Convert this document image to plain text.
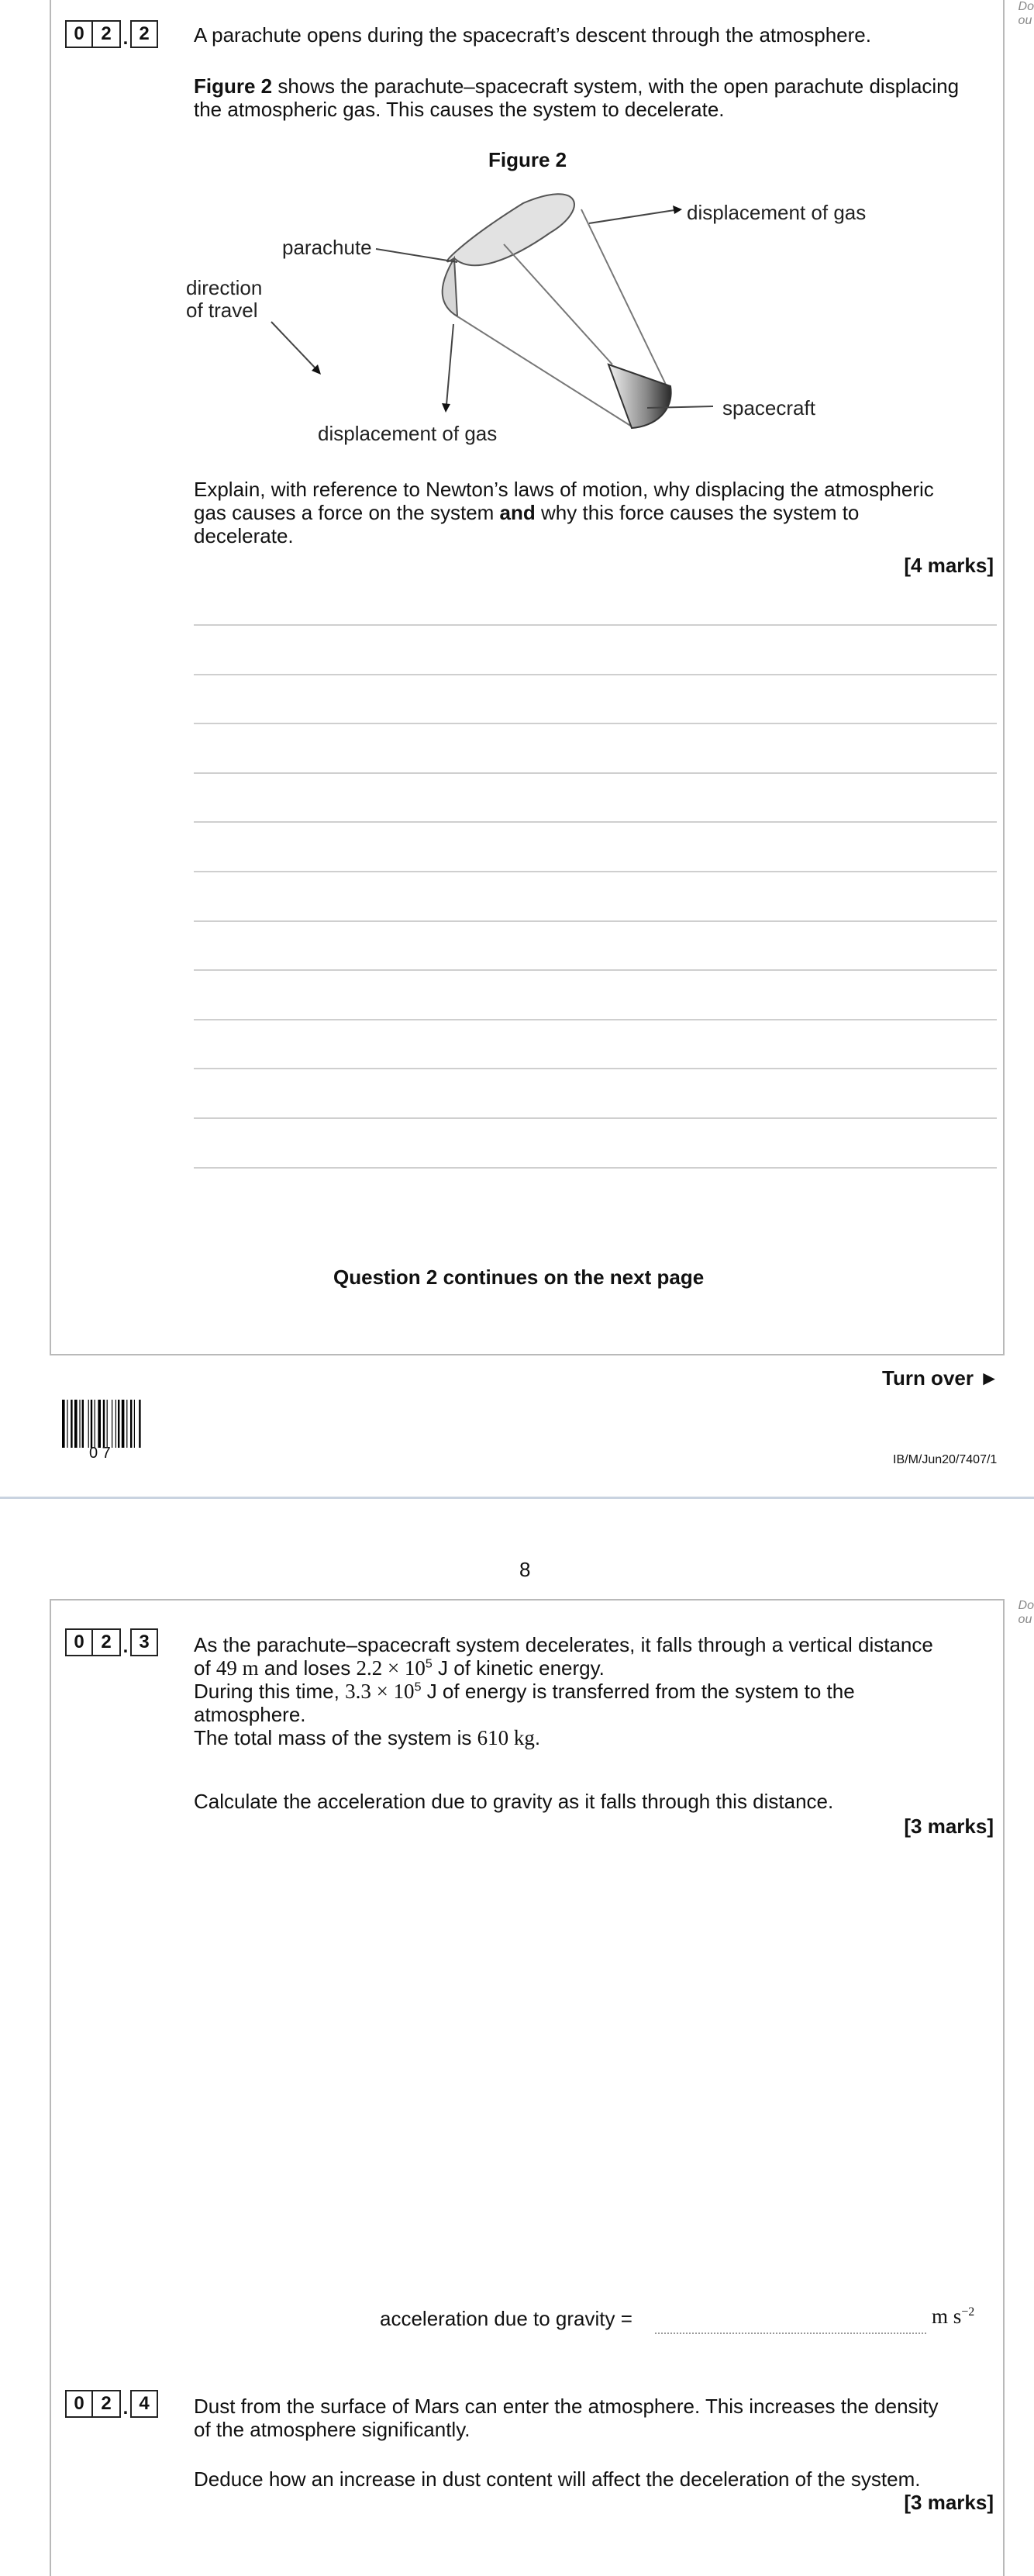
Do
ou
0 2 . 2	A parachute opens during the spacecraft’s descent through the atmosphere.
Figure 2 shows the parachute–spacecraft system, with the open parachute displacing
the atmospheric gas. This causes the system to decelerate.
Figure 2
parachute
direction
of travel
displacement of gas
displacement of gas
spacecraft
Explain, with reference to Newton’s laws of motion, why displacing the atmospheric
gas causes a force on the system and why this force causes the system to
decelerate.
[4 marks]
Question 2 continues on the next page
Turn over ►
0 7	IB/M/Jun20/7407/1
8
Do
ou
0 2 . 3	As the parachute–spacecraft system decelerates, it falls through a vertical distance
of 49 m and loses $2.2 \times 10^5$ J of kinetic energy.
During this time, $3.3 \times 10^5$ J of energy is transferred from the system to the
atmosphere.
The total mass of the system is 610 kg.
Calculate the acceleration due to gravity as it falls through this distance.
[3 marks]
acceleration due to gravity =	m $s^{-2}$
0 2 . 4	Dust from the surface of Mars can enter the atmosphere. This increases the density
of the atmosphere significantly.
Deduce how an increase in dust content will affect the deceleration of the system.
[3 marks]
